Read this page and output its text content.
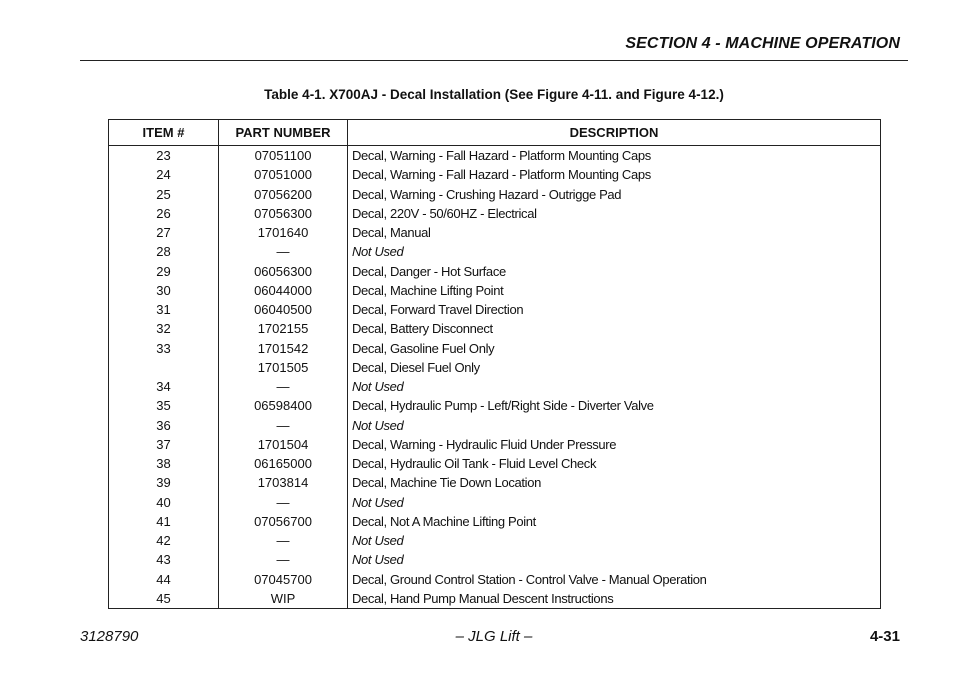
SECTION 4 - MACHINE OPERATION
Table 4-1. X700AJ - Decal Installation (See Figure 4-11. and Figure 4-12.)
ITEM #	PART NUMBER	DESCRIPTION
23	07051100	Decal, Warning - Fall Hazard - Platform Mounting Caps
24	07051000	Decal, Warning - Fall Hazard - Platform Mounting Caps
25	07056200	Decal, Warning - Crushing Hazard - Outrigge Pad
26	07056300	Decal, 220V - 50/60HZ - Electrical
27	1701640	Decal, Manual
28	—	Not Used
29	06056300	Decal, Danger - Hot Surface
30	06044000	Decal, Machine Lifting Point
31	06040500	Decal, Forward Travel Direction
32	1702155	Decal, Battery Disconnect
33	1701542	Decal, Gasoline Fuel Only
	1701505	Decal, Diesel Fuel Only
34	—	Not Used
35	06598400	Decal, Hydraulic Pump - Left/Right Side - Diverter Valve
36	—	Not Used
37	1701504	Decal, Warning - Hydraulic Fluid Under Pressure
38	06165000	Decal, Hydraulic Oil Tank - Fluid Level Check
39	1703814	Decal, Machine Tie Down Location
40	—	Not Used
41	07056700	Decal, Not A Machine Lifting Point
42	—	Not Used
43	—	Not Used
44	07045700	Decal, Ground Control Station - Control Valve - Manual Operation
45	WIP	Decal, Hand Pump Manual Descent Instructions
3128790	– JLG Lift –	4-31
